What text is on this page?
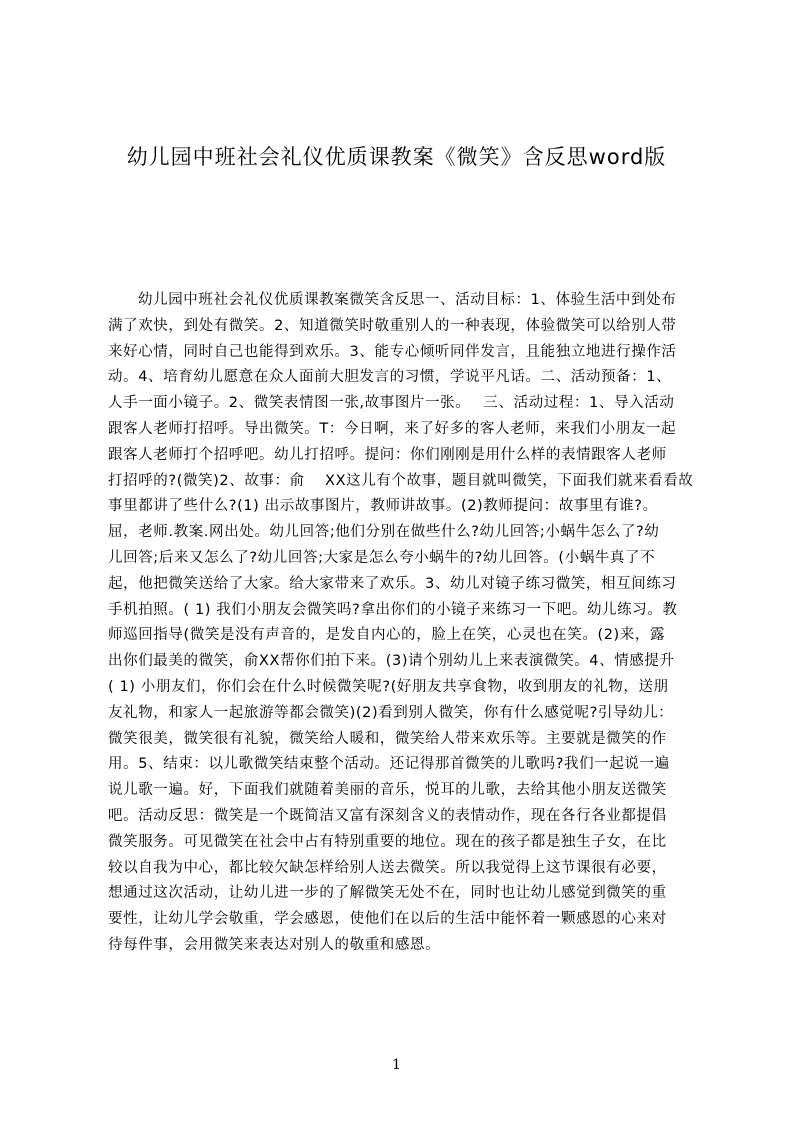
幼儿园中班社会礼仪优质课教案《微笑》含反思word版
幼儿园中班社会礼仪优质课教案微笑含反思一、活动目标：1、体验生活中到处布
满了欢快，到处有微笑。2、知道微笑时敬重别人的一种表现，体验微笑可以给别人带
来好心情，同时自己也能得到欢乐。3、能专心倾听同伴发言，且能独立地进行操作活
动。4、培育幼儿愿意在众人面前大胆发言的习惯，学说平凡话。二、活动预备：1、
人手一面小镜子。2、微笑表情图一张,故事图片一张。　 三、活动过程：1、导入活动
跟客人老师打招呼。导出微笑。T：今日啊，来了好多的客人老师，来我们小朋友一起
跟客人老师打个招呼吧。幼儿打招呼。提问：你们刚刚是用什么样的表情跟客人老师
打招呼的?(微笑)2、故事：俞　 XX这儿有个故事，题目就叫微笑，下面我们就来看看故
事里都讲了些什么?(1) 出示故事图片，教师讲故事。(2)教师提问：故事里有谁?。
屈，老师.教案.网出处。幼儿回答;他们分别在做些什么?幼儿回答;小蜗牛怎么了?幼
儿回答;后来又怎么了?幼儿回答;大家是怎么夸小蜗牛的?幼儿回答。(小蜗牛真了不
起，他把微笑送给了大家。给大家带来了欢乐。3、幼儿对镜子练习微笑，相互间练习
手机拍照。( 1) 我们小朋友会微笑吗?拿出你们的小镜子来练习一下吧。幼儿练习。教
师巡回指导(微笑是没有声音的，是发自内心的，脸上在笑，心灵也在笑。(2)来，露
出你们最美的微笑，俞XX帮你们拍下来。(3)请个别幼儿上来表演微笑。4、情感提升
( 1) 小朋友们，你们会在什么时候微笑呢?(好朋友共享食物，收到朋友的礼物，送朋
友礼物，和家人一起旅游等都会微笑)(2)看到别人微笑，你有什么感觉呢?引导幼儿：
微笑很美，微笑很有礼貌，微笑给人暖和，微笑给人带来欢乐等。主要就是微笑的作
用。5、结束：以儿歌微笑结束整个活动。还记得那首微笑的儿歌吗?我们一起说一遍
说儿歌一遍。好，下面我们就随着美丽的音乐，悦耳的儿歌，去给其他小朋友送微笑
吧。活动反思：微笑是一个既简洁又富有深刻含义的表情动作，现在各行各业都提倡
微笑服务。可见微笑在社会中占有特别重要的地位。现在的孩子都是独生子女，在比
较以自我为中心，都比较欠缺怎样给别人送去微笑。所以我觉得上这节课很有必要，
想通过这次活动，让幼儿进一步的了解微笑无处不在，同时也让幼儿感觉到微笑的重
要性，让幼儿学会敬重，学会感恩，使他们在以后的生活中能怀着一颗感恩的心来对
待每件事，会用微笑来表达对别人的敬重和感恩。
1
